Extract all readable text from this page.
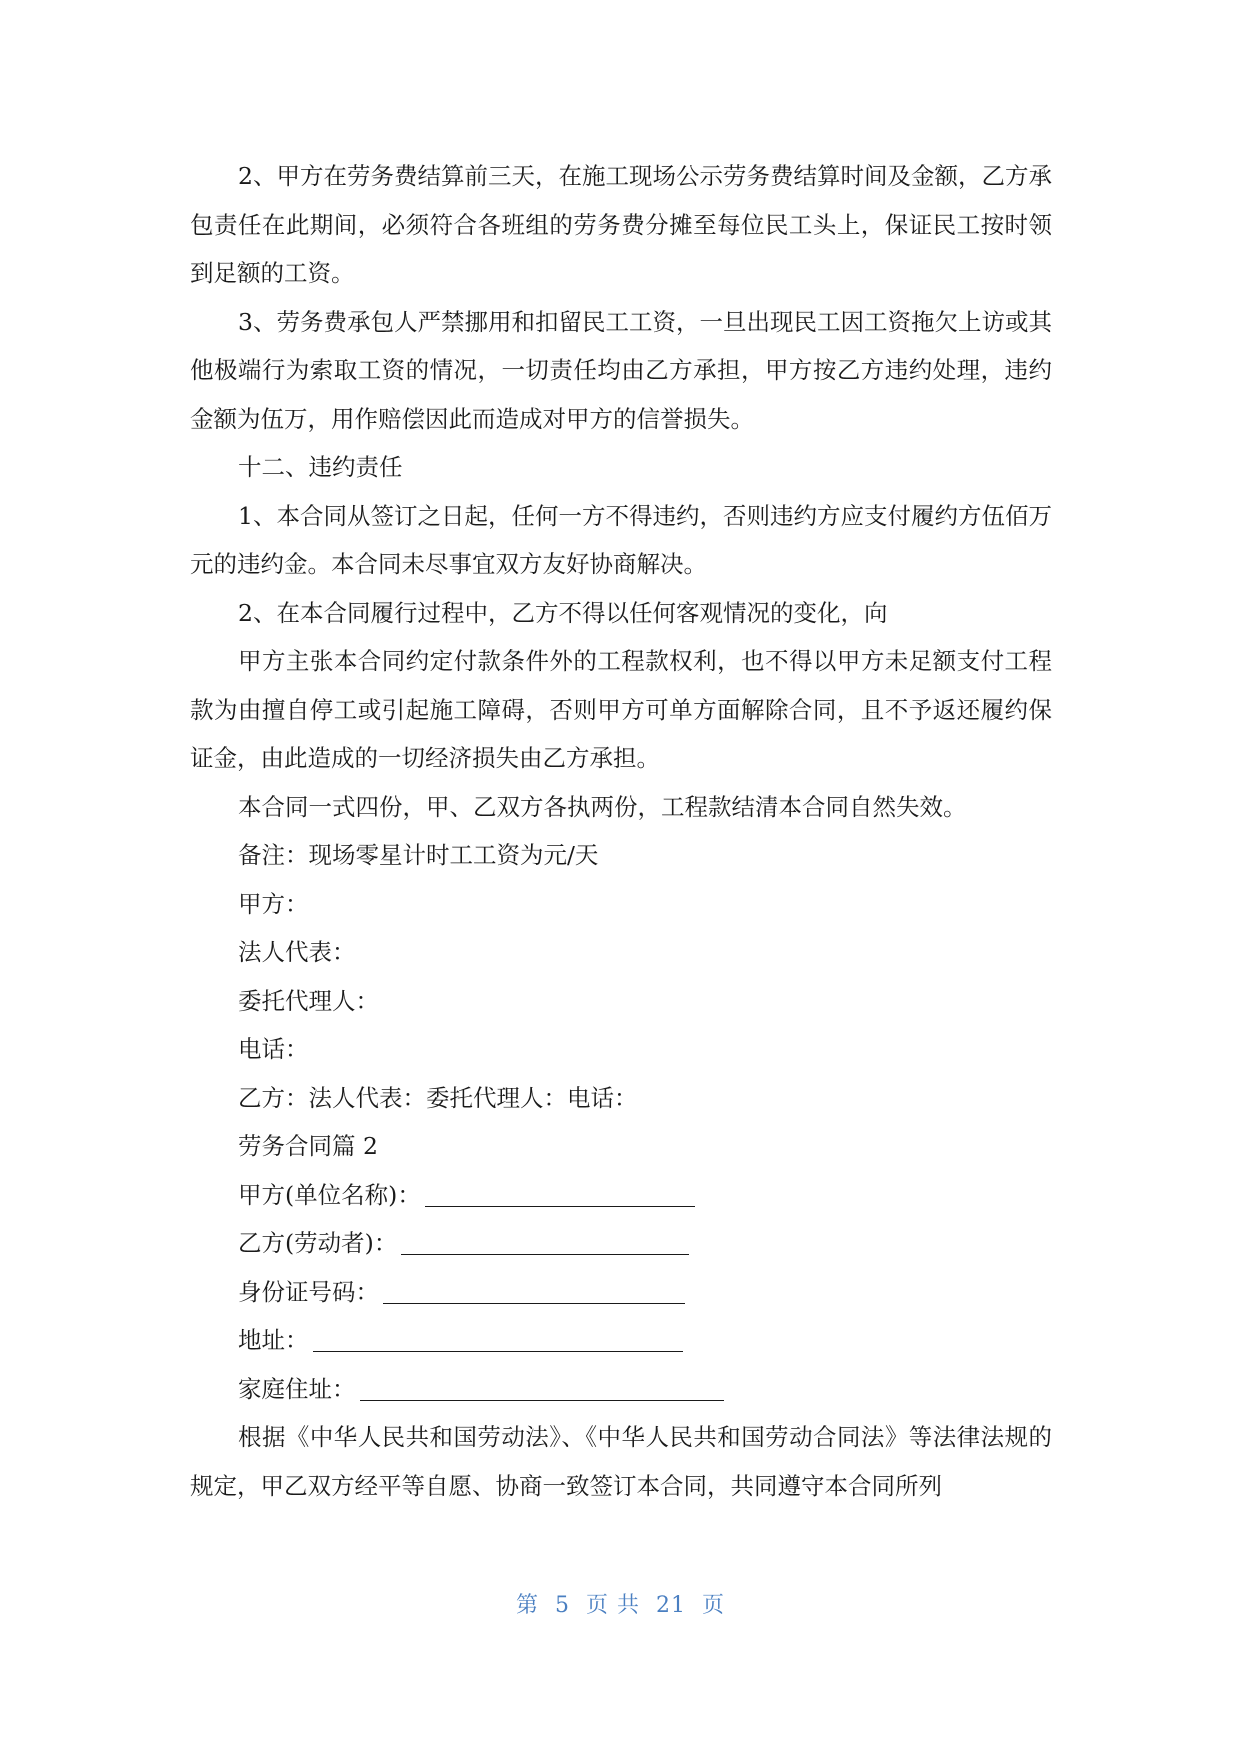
2、甲方在劳务费结算前三天，在施工现场公示劳务费结算时间及金额，乙方承包责任在此期间，必须符合各班组的劳务费分摊至每位民工头上，保证民工按时领到足额的工资。

3、劳务费承包人严禁挪用和扣留民工工资，一旦出现民工因工资拖欠上访或其他极端行为索取工资的情况，一切责任均由乙方承担，甲方按乙方违约处理，违约金额为伍万，用作赔偿因此而造成对甲方的信誉损失。

十二、违约责任

1、本合同从签订之日起，任何一方不得违约，否则违约方应支付履约方伍佰万元的违约金。本合同未尽事宜双方友好协商解决。

2、在本合同履行过程中，乙方不得以任何客观情况的变化，向

甲方主张本合同约定付款条件外的工程款权利，也不得以甲方未足额支付工程款为由擅自停工或引起施工障碍，否则甲方可单方面解除合同，且不予返还履约保证金，由此造成的一切经济损失由乙方承担。

本合同一式四份，甲、乙双方各执两份，工程款结清本合同自然失效。

备注：现场零星计时工工资为元/天

甲方：

法人代表：

委托代理人：

电话：

乙方：法人代表：委托代理人：电话：

劳务合同篇 2

甲方(单位名称)：

乙方(劳动者)：

身份证号码：

地址：

家庭住址：

根据《中华人民共和国劳动法》、《中华人民共和国劳动合同法》等法律法规的规定，甲乙双方经平等自愿、协商一致签订本合同，共同遵守本合同所列

第  5  页 共  21  页
